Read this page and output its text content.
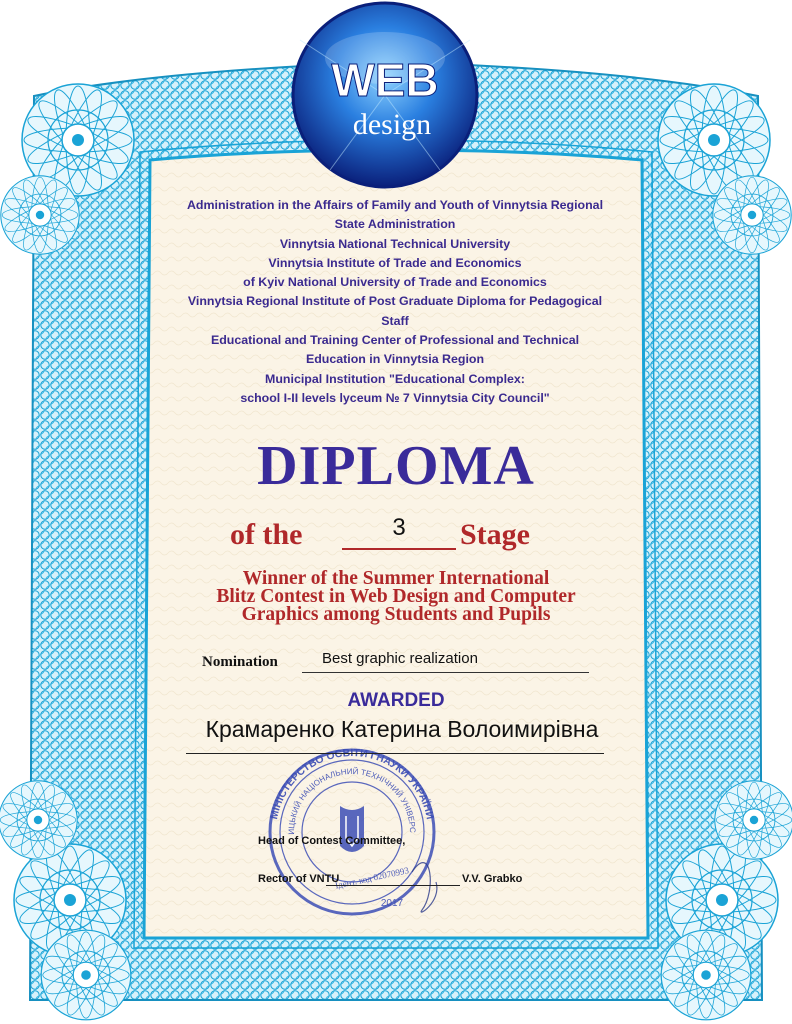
WEB
design
МІНІСТЕРСТВО ОСВІТИ І НАУКИ УКРАЇНИ
ИЦЬКИЙ НАЦІОНАЛЬНИЙ ТЕХНІЧНИЙ УНІВЕРС
Ідент. код 02070993
2017
Administration in the Affairs of Family and Youth of Vinnytsia Regional
State Administration
Vinnytsia National Technical University
Vinnytsia Institute of Trade and Economics
of Kyiv National University of Trade and Economics
Vinnytsia Regional Institute of Post Graduate Diploma for Pedagogical
Staff
Educational and Training Center of Professional and Technical
Education in Vinnytsia Region
Municipal Institution "Educational Complex:
school I-II levels lyceum № 7 Vinnytsia City Council"
DIPLOMA
of the	3	Stage
Winner of the Summer International
Blitz Contest in Web Design and Computer
Graphics among Students and Pupils
Nomination	Best graphic realization
AWARDED
Крамаренко Катерина Волоимирівна
Head of Contest Committee,
Rector of VNTU	V.V. Grabko
